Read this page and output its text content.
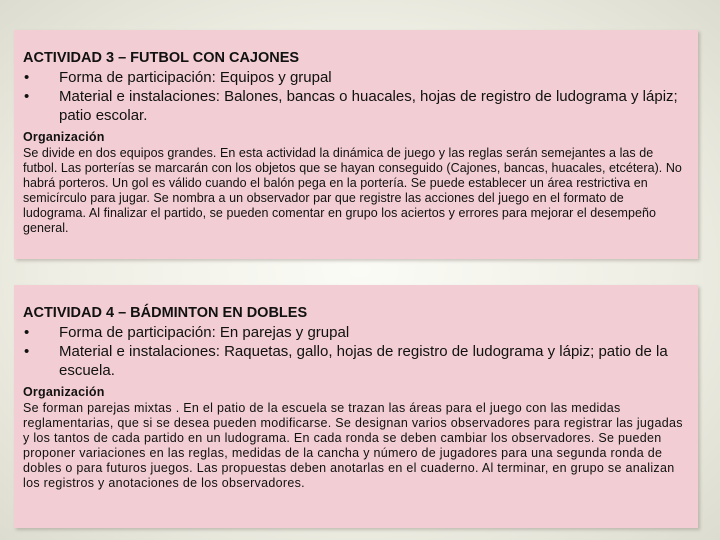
ACTIVIDAD 3 – FUTBOL CON CAJONES
• Forma de participación: Equipos y grupal
• Material e instalaciones: Balones, bancas o huacales, hojas de registro de ludograma y lápiz; patio escolar.
Organización
Se divide en dos equipos grandes. En esta actividad la dinámica de juego y las reglas serán semejantes a las de futbol. Las porterías se marcarán con los objetos que se hayan conseguido (Cajones, bancas, huacales, etcétera). No habrá porteros. Un gol es válido cuando el balón pega en la portería. Se puede establecer un área restrictiva en semicírculo para jugar. Se nombra a un observador par que registre las acciones del juego en el formato de ludograma. Al finalizar el partido, se pueden comentar en grupo los aciertos y errores para mejorar el desempeño general.
ACTIVIDAD 4 – BÁDMINTON EN DOBLES
• Forma de participación: En parejas y grupal
• Material e instalaciones: Raquetas, gallo, hojas de registro de ludograma y lápiz; patio de la escuela.
Organización
Se forman parejas mixtas . En el patio de la escuela se trazan las áreas para el juego con las medidas reglamentarias, que si se desea pueden modificarse. Se designan varios observadores para registrar las jugadas y los tantos de cada partido en un ludograma. En cada ronda se deben cambiar los observadores. Se pueden proponer variaciones en las reglas, medidas de la cancha y número de jugadores para una segunda ronda de dobles o para futuros juegos. Las propuestas deben anotarlas en el cuaderno. Al terminar, en grupo se analizan los registros y anotaciones de los observadores.
